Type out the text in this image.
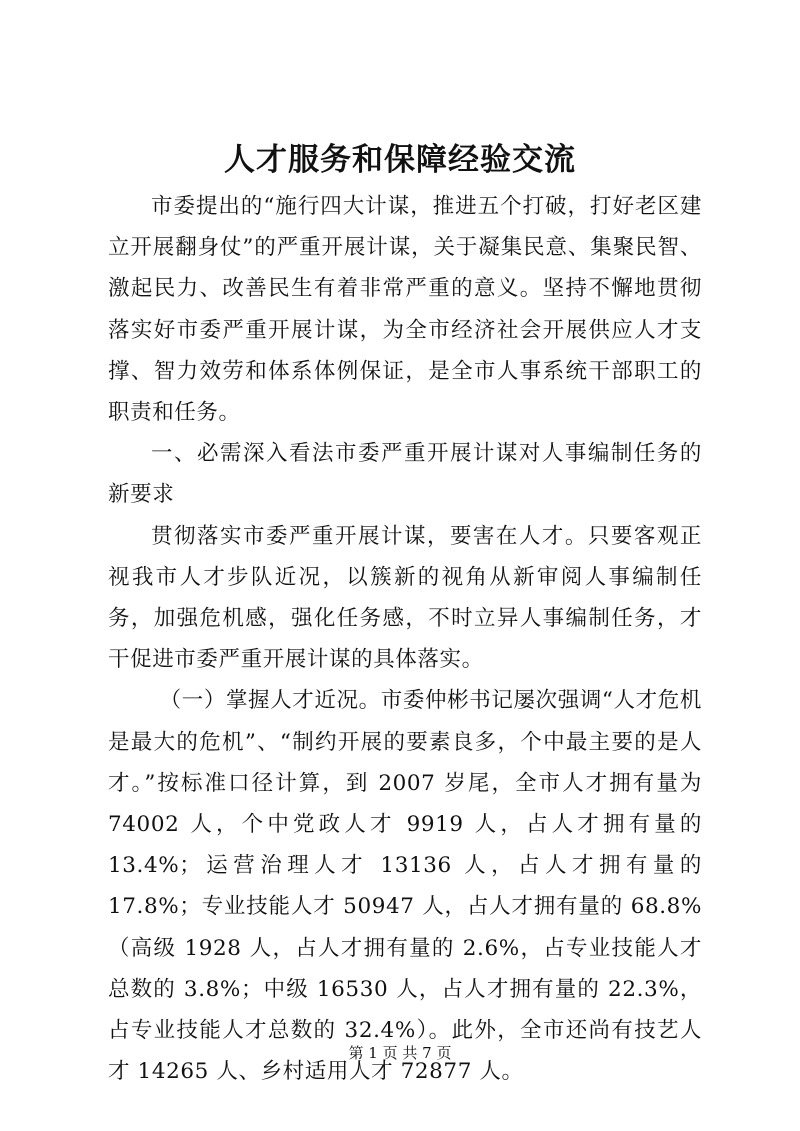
人才服务和保障经验交流

市委提出的“施行四大计谋，推进五个打破，打好老区建立开展翻身仗”的严重开展计谋，关于凝集民意、集聚民智、激起民力、改善民生有着非常严重的意义。坚持不懈地贯彻落实好市委严重开展计谋，为全市经济社会开展供应人才支撑、智力效劳和体系体例保证，是全市人事系统干部职工的职责和任务。

一、必需深入看法市委严重开展计谋对人事编制任务的新要求

贯彻落实市委严重开展计谋，要害在人才。只要客观正视我市人才步队近况，以簇新的视角从新审阅人事编制任务，加强危机感，强化任务感，不时立异人事编制任务，才干促进市委严重开展计谋的具体落实。

（一）掌握人才近况。市委仲彬书记屡次强调“人才危机是最大的危机”、“制约开展的要素良多，个中最主要的是人才。”按标准口径计算，到 2007 岁尾，全市人才拥有量为 74002 人，个中党政人才 9919 人，占人才拥有量的 13.4%；运营治理人才 13136 人，占人才拥有量的 17.8%；专业技能人才 50947 人，占人才拥有量的 68.8%（高级 1928 人，占人才拥有量的 2.6%，占专业技能人才总数的 3.8%；中级 16530 人，占人才拥有量的 22.3%，占专业技能人才总数的 32.4%）。此外，全市还尚有技艺人才 14265 人、乡村适用人才 72877 人。

第 1 页 共 7 页
